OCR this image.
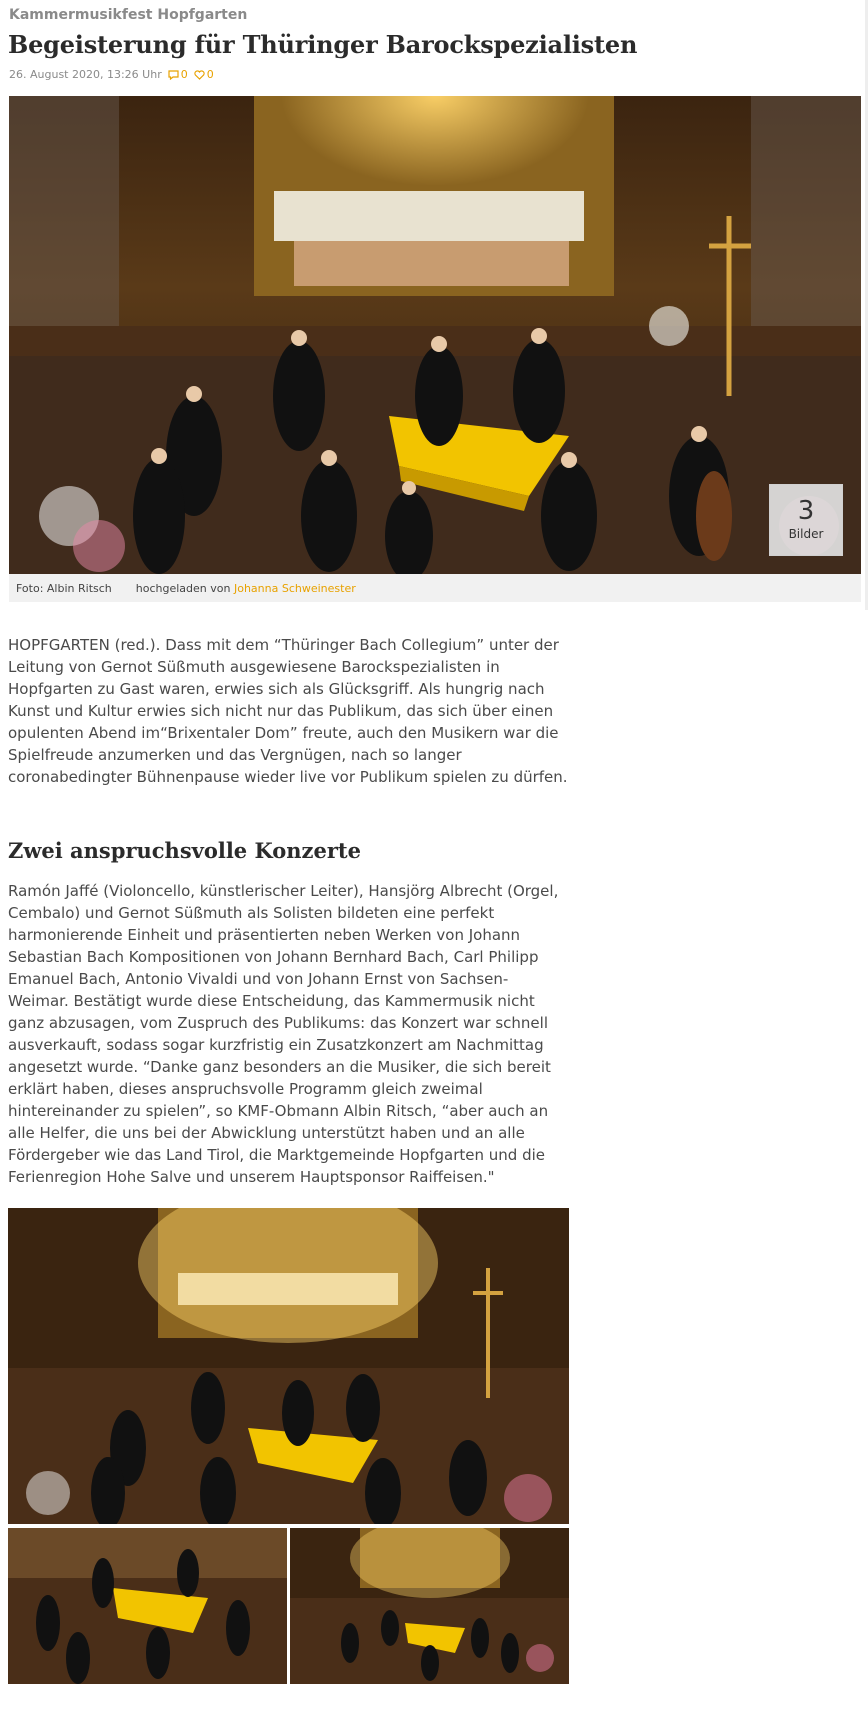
Kammermusikfest Hopfgarten
Begeisterung für Thüringer Barockspezialisten
26. August 2020, 13:26 Uhr 0 0
3
Bilder
Foto: Albin Ritsch hochgeladen von Johanna Schweinester

HOPFGARTEN (red.). Dass mit dem “Thüringer Bach Collegium” unter der Leitung von Gernot Süßmuth ausgewiesene Barockspezialisten in Hopfgarten zu Gast waren, erwies sich als Glücksgriff. Als hungrig nach Kunst und Kultur erwies sich nicht nur das Publikum, das sich über einen opulenten Abend im“Brixentaler Dom” freute, auch den Musikern war die Spielfreude anzumerken und das Vergnügen, nach so langer coronabedingter Bühnenpause wieder live vor Publikum spielen zu dürfen.

Zwei anspruchsvolle Konzerte

Ramón Jaffé (Violoncello, künstlerischer Leiter), Hansjörg Albrecht (Orgel, Cembalo) und Gernot Süßmuth als Solisten bildeten eine perfekt harmonierende Einheit und präsentierten neben Werken von Johann Sebastian Bach Kompositionen von Johann Bernhard Bach, Carl Philipp Emanuel Bach, Antonio Vivaldi und von Johann Ernst von Sachsen-Weimar. Bestätigt wurde diese Entscheidung, das Kammermusik nicht ganz abzusagen, vom Zuspruch des Publikums: das Konzert war schnell ausverkauft, sodass sogar kurzfristig ein Zusatzkonzert am Nachmittag angesetzt wurde. “Danke ganz besonders an die Musiker, die sich bereit erklärt haben, dieses anspruchsvolle Programm gleich zweimal hintereinander zu spielen”, so KMF-Obmann Albin Ritsch, “aber auch an alle Helfer, die uns bei der Abwicklung unterstützt haben und an alle Fördergeber wie das Land Tirol, die Marktgemeinde Hopfgarten und die Ferienregion Hohe Salve und unserem Hauptsponsor Raiffeisen."
